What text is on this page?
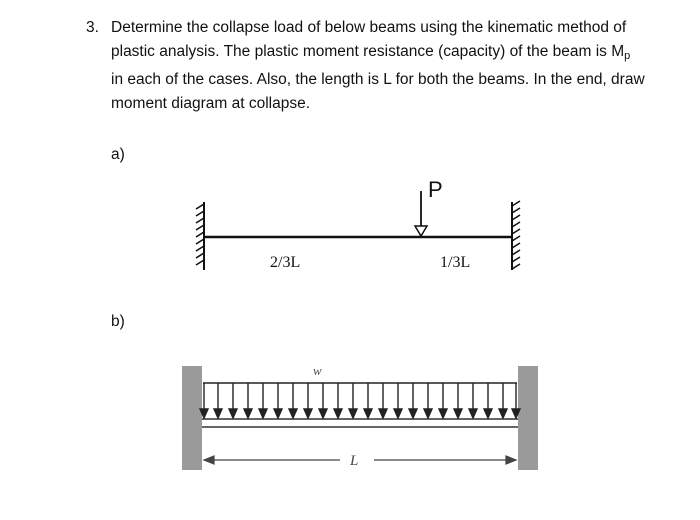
3. Determine the collapse load of below beams using the kinematic method of plastic analysis. The plastic moment resistance (capacity) of the beam is $M_p$ in each of the cases. Also, the length is L for both the beams. In the end, draw moment diagram at collapse.
a)
b)
P
2/3L	1/3L
w
L
